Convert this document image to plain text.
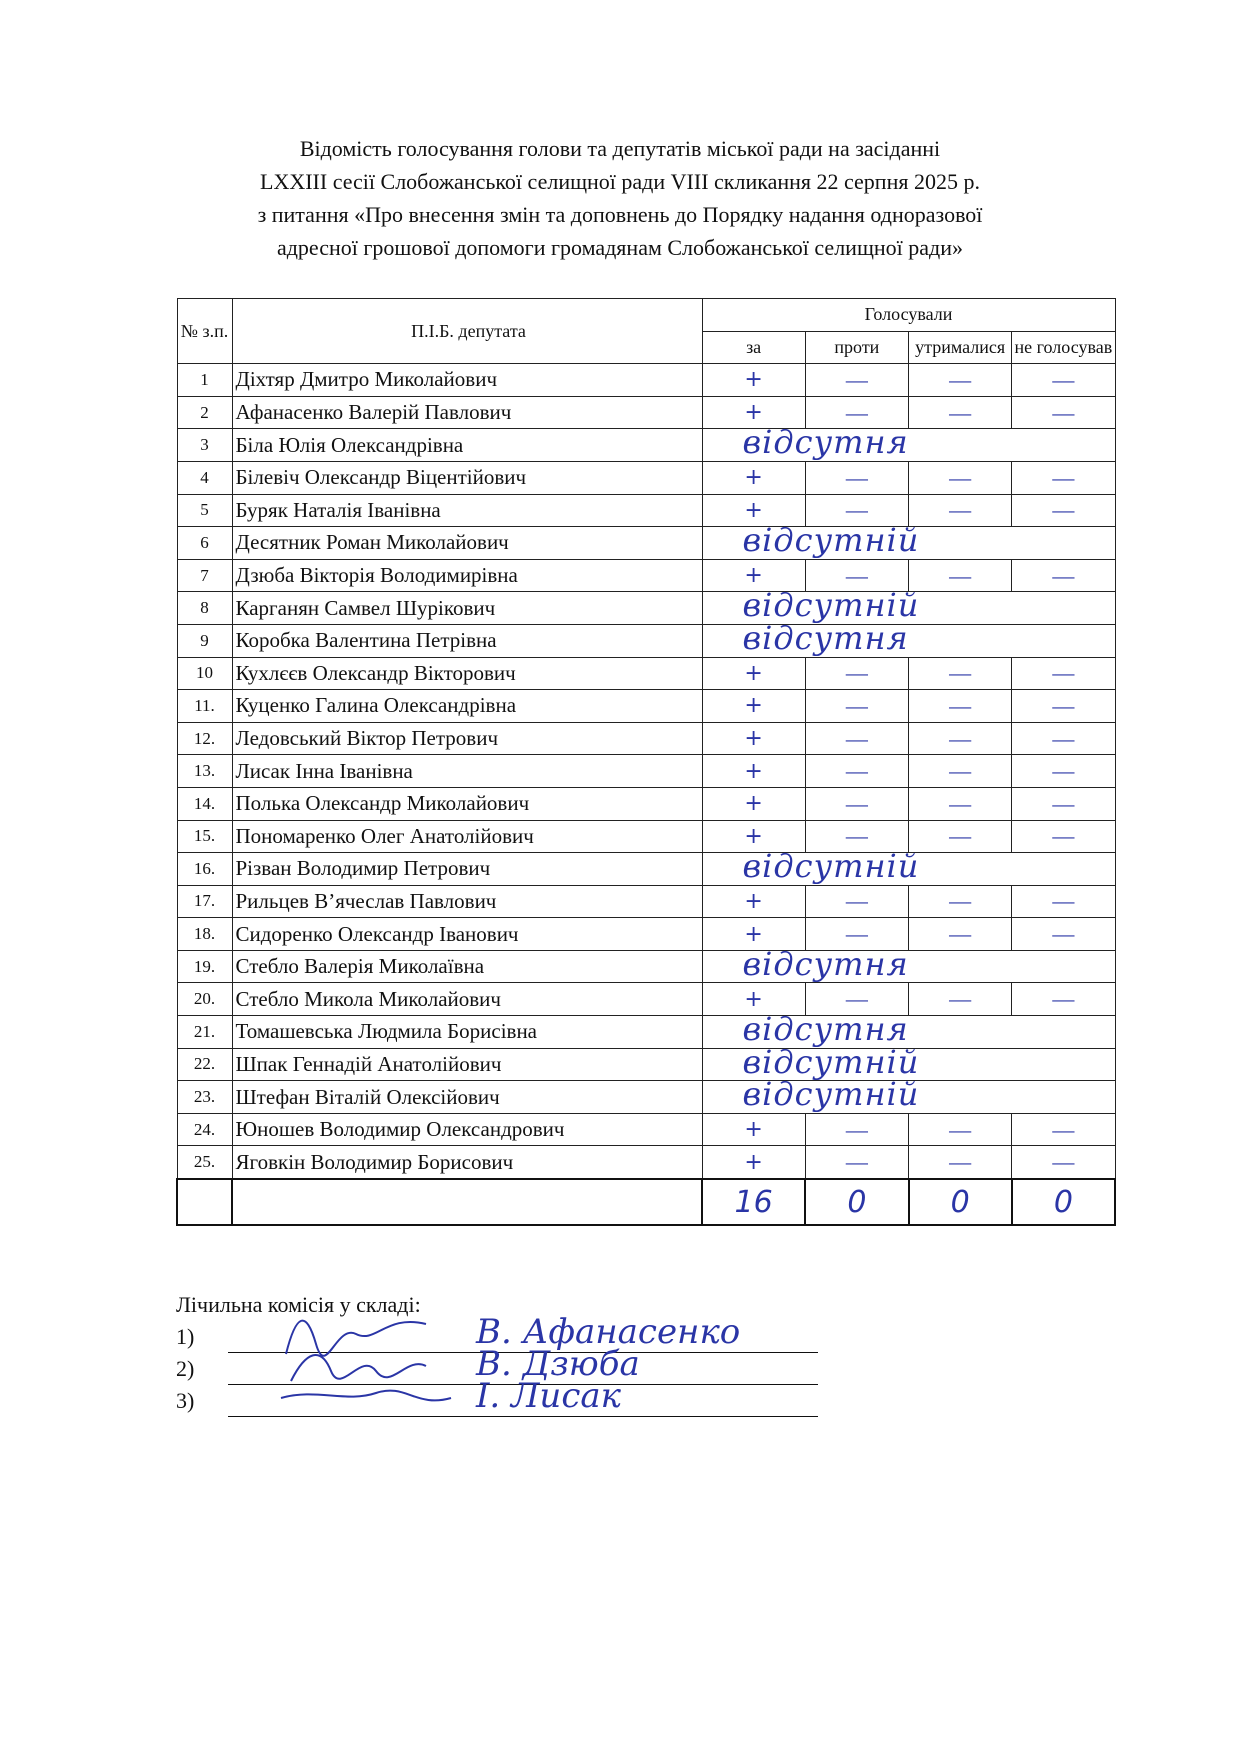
Відомість голосування голови та депутатів міської ради на засіданні
LXXIII сесії Слобожанської селищної ради VIII скликання 22 серпня 2025 р.
з питання «Про внесення змін та доповнень до Порядку надання одноразової
адресної грошової допомоги громадянам Слобожанської селищної ради»
№ з.п.	П.І.Б. депутата	Голосували			
		за	проти	утрималися	не голосував
1	Діхтяр Дмитро Миколайович	+	—	—	—
2	Афанасенко Валерій Павлович	+	—	—	—
3	Біла Юлія Олександрівна	відсутня			

4	Білевіч Олександр Віцентійович	+	—	—	—
5	Буряк Наталія Іванівна	+	—	—	—
6	Десятник Роман Миколайович	відсутній			

7	Дзюба Вікторія Володимирівна	+	—	—	—
8	Карганян Самвел Шурікович	відсутній			

9	Коробка Валентина Петрівна	відсутня			

10	Кухлєєв Олександр Вікторович	+	—	—	—
11.	Куценко Галина Олександрівна	+	—	—	—
12.	Ледовський Віктор Петрович	+	—	—	—
13.	Лисак Інна Іванівна	+	—	—	—
14.	Полька Олександр Миколайович	+	—	—	—
15.	Пономаренко Олег Анатолійович	+	—	—	—
16.	Різван Володимир Петрович	відсутній			

17.	Рильцев В’ячеслав Павлович	+	—	—	—
18.	Сидоренко Олександр Іванович	+	—	—	—
19.	Стебло Валерія Миколаївна	відсутня			

20.	Стебло Микола Миколайович	+	—	—	—
21.	Томашевська Людмила Борисівна	відсутня			

22.	Шпак Геннадій Анатолійович	відсутній			

23.	Штефан Віталій Олексійович	відсутній			

24.	Юношев Володимир Олександрович	+	—	—	—
25.	Яговкін Володимир Борисович	+	—	—	—
		16	0	0	0
Лічильна комісія у складі:
1)	В. Афанасенко
2)	В. Дзюба
3)	І. Лисак
